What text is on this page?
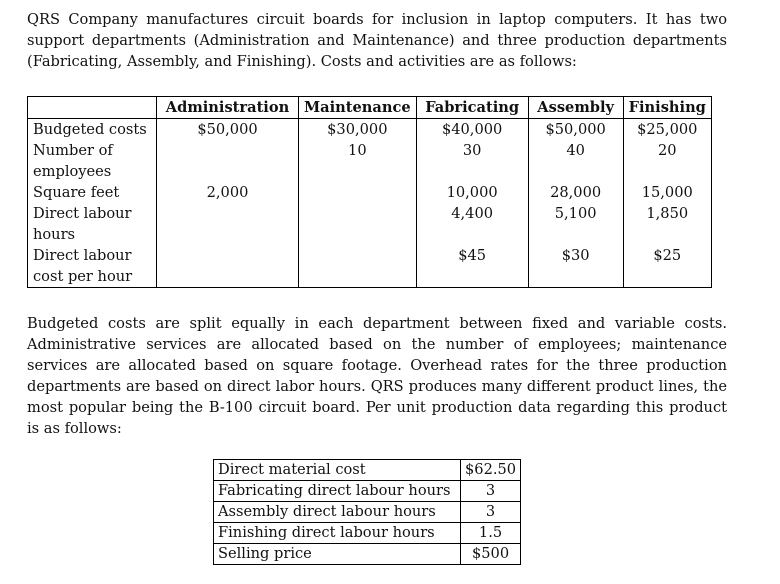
QRS Company manufactures circuit boards for inclusion in laptop computers. It has two support departments (Administration and Maintenance) and three production departments (Fabricating, Assembly, and Finishing). Costs and activities are as follows:

	Administration	Maintenance	Fabricating	Assembly	Finishing
Budgeted costs	$50,000	$30,000	$40,000	$50,000	$25,000
Number of employees		10	30	40	20
Square feet	2,000		10,000	28,000	15,000
Direct labour hours			4,400	5,100	1,850
Direct labour cost per hour			$45	$30	$25

Budgeted costs are split equally in each department between fixed and variable costs. Administrative services are allocated based on the number of employees; maintenance services are allocated based on square footage. Overhead rates for the three production departments are based on direct labor hours. QRS produces many different product lines, the most popular being the B-100 circuit board. Per unit production data regarding this product is as follows:

Direct material cost	$62.50
Fabricating direct labour hours	3
Assembly direct labour hours	3
Finishing direct labour hours	1.5
Selling price	$500
